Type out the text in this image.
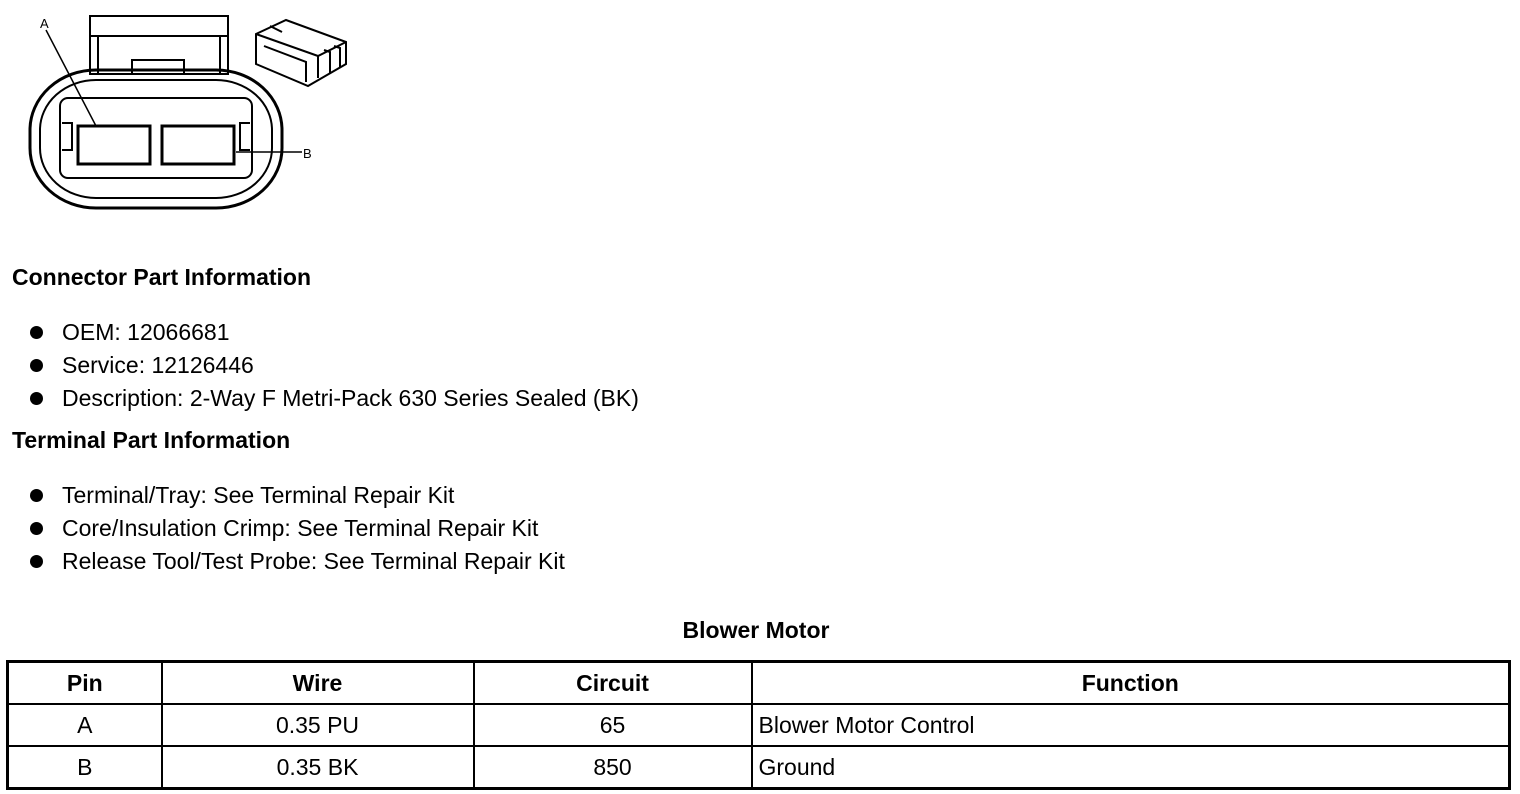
A
B
Connector Part Information
OEM: 12066681
Service: 12126446
Description: 2-Way F Metri-Pack 630 Series Sealed (BK)
Terminal Part Information
Terminal/Tray: See Terminal Repair Kit
Core/Insulation Crimp: See Terminal Repair Kit
Release Tool/Test Probe: See Terminal Repair Kit
Blower Motor
Pin	Wire	Circuit	Function
A	0.35 PU	65	Blower Motor Control
B	0.35 BK	850	Ground
